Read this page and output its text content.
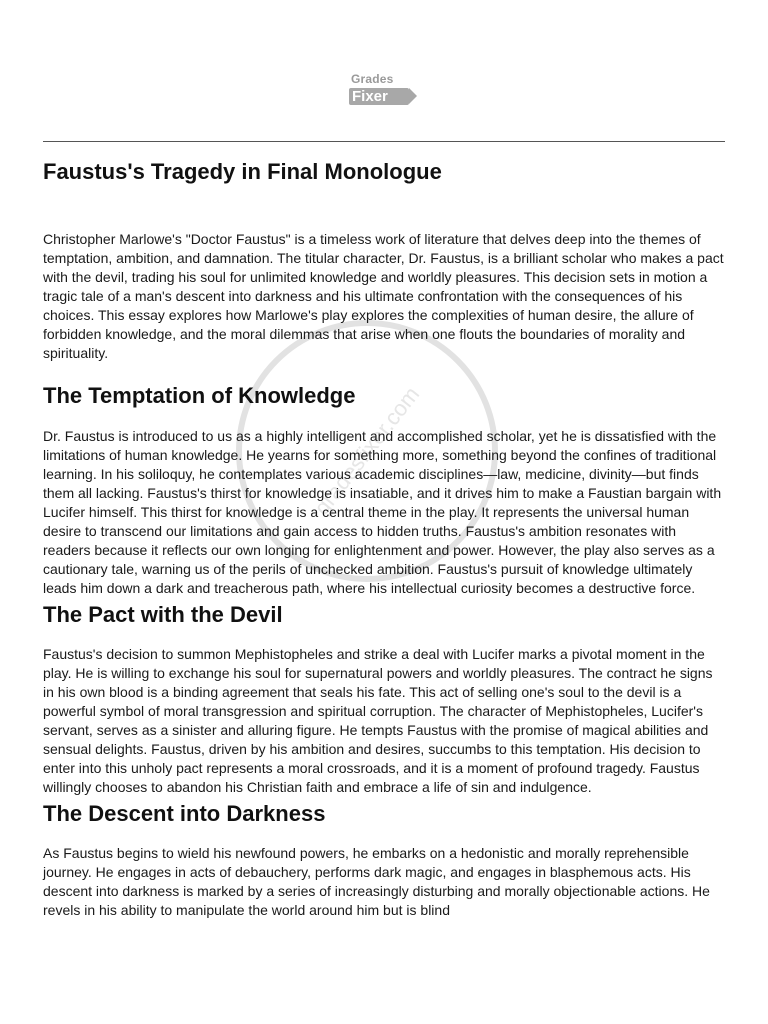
Grades
Fixer
gradesfixer.com
Faustus's Tragedy in Final Monologue

Christopher Marlowe's "Doctor Faustus" is a timeless work of literature that delves deep into the themes of temptation, ambition, and damnation. The titular character, Dr. Faustus, is a brilliant scholar who makes a pact with the devil, trading his soul for unlimited knowledge and worldly pleasures. This decision sets in motion a tragic tale of a man's descent into darkness and his ultimate confrontation with the consequences of his choices. This essay explores how Marlowe's play explores the complexities of human desire, the allure of forbidden knowledge, and the moral dilemmas that arise when one flouts the boundaries of morality and spirituality.

The Temptation of Knowledge

Dr. Faustus is introduced to us as a highly intelligent and accomplished scholar, yet he is dissatisfied with the limitations of human knowledge. He yearns for something more, something beyond the confines of traditional learning. In his soliloquy, he contemplates various academic disciplines—law, medicine, divinity—but finds them all lacking. Faustus's thirst for knowledge is insatiable, and it drives him to make a Faustian bargain with Lucifer himself. This thirst for knowledge is a central theme in the play. It represents the universal human desire to transcend our limitations and gain access to hidden truths. Faustus's ambition resonates with readers because it reflects our own longing for enlightenment and power. However, the play also serves as a cautionary tale, warning us of the perils of unchecked ambition. Faustus's pursuit of knowledge ultimately leads him down a dark and treacherous path, where his intellectual curiosity becomes a destructive force.

The Pact with the Devil

Faustus's decision to summon Mephistopheles and strike a deal with Lucifer marks a pivotal moment in the play. He is willing to exchange his soul for supernatural powers and worldly pleasures. The contract he signs in his own blood is a binding agreement that seals his fate. This act of selling one's soul to the devil is a powerful symbol of moral transgression and spiritual corruption. The character of Mephistopheles, Lucifer's servant, serves as a sinister and alluring figure. He tempts Faustus with the promise of magical abilities and sensual delights. Faustus, driven by his ambition and desires, succumbs to this temptation. His decision to enter into this unholy pact represents a moral crossroads, and it is a moment of profound tragedy. Faustus willingly chooses to abandon his Christian faith and embrace a life of sin and indulgence.

The Descent into Darkness

As Faustus begins to wield his newfound powers, he embarks on a hedonistic and morally reprehensible journey. He engages in acts of debauchery, performs dark magic, and engages in blasphemous acts. His descent into darkness is marked by a series of increasingly disturbing and morally objectionable actions. He revels in his ability to manipulate the world around him but is blind
